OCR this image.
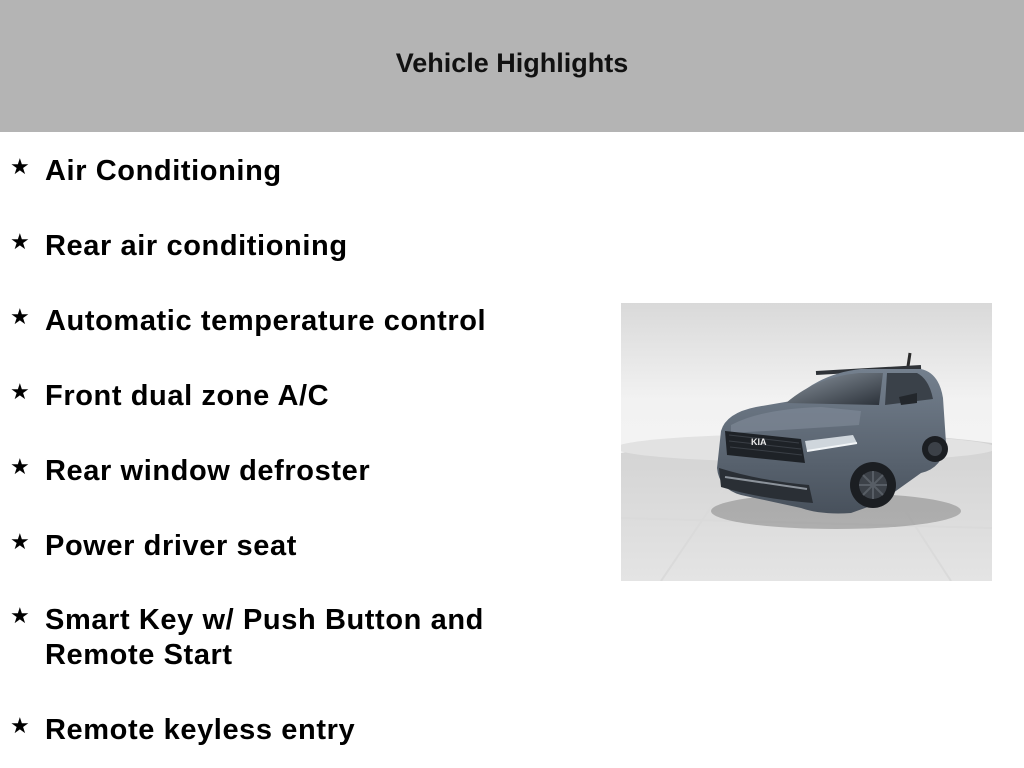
Vehicle Highlights
★ Air Conditioning
★ Rear air conditioning
★ Automatic temperature control
★ Front dual zone A/C
★ Rear window defroster
★ Power driver seat
★ Smart Key w/ Push Button and Remote Start
★ Remote keyless entry
KIA
